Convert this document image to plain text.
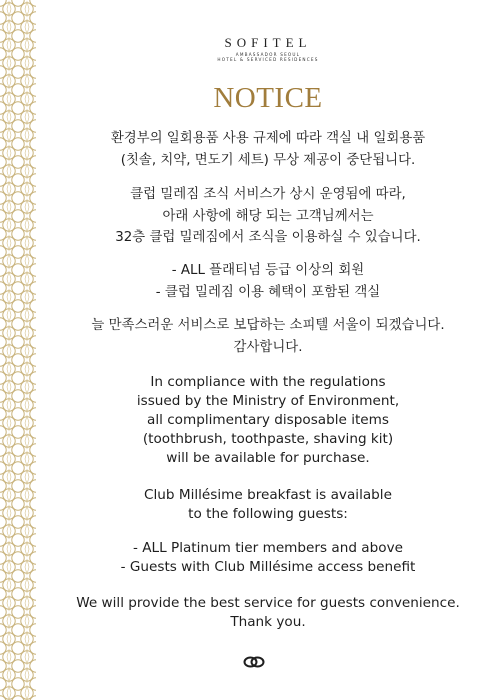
SOFITEL
AMBASSADOR SEOUL
HOTEL & SERVICED RESIDENCES
NOTICE
환경부의 일회용품 사용 규제에 따라 객실 내 일회용품
(칫솔, 치약, 면도기 세트) 무상 제공이 중단됩니다.
클럽 밀레짐 조식 서비스가 상시 운영됨에 따라,
아래 사항에 해당 되는 고객님께서는
32층 클럽 밀레짐에서 조식을 이용하실 수 있습니다.
- ALL 플래티넘 등급 이상의 회원
- 클럽 밀레짐 이용 혜택이 포함된 객실
늘 만족스러운 서비스로 보답하는 소피텔 서울이 되겠습니다.
감사합니다.
In compliance with the regulations
issued by the Ministry of Environment,
all complimentary disposable items
(toothbrush, toothpaste, shaving kit)
will be available for purchase.
Club Millésime breakfast is available
to the following guests:
- ALL Platinum tier members and above
- Guests with Club Millésime access benefit
We will provide the best service for guests convenience.
Thank you.
